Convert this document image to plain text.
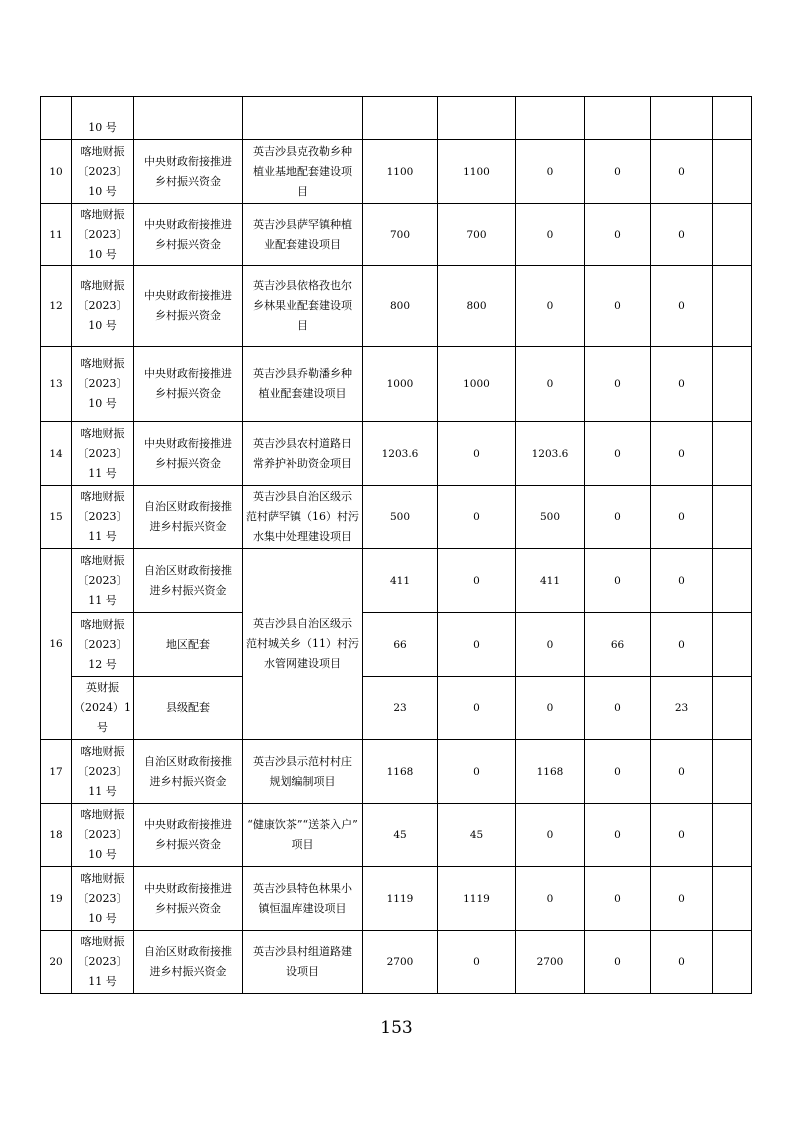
10 号								
10	喀地财振
〔2023〕
10 号	中央财政衔接推进
乡村振兴资金	英吉沙县克孜勒乡种
植业基地配套建设项
目	1100	1100	0	0	0	
11	喀地财振
〔2023〕
10 号	中央财政衔接推进
乡村振兴资金	英吉沙县萨罕镇种植
业配套建设项目	700	700	0	0	0	
12	喀地财振
〔2023〕
10 号	中央财政衔接推进
乡村振兴资金	英吉沙县依格孜也尔
乡林果业配套建设项
目	800	800	0	0	0	
13	喀地财振
〔2023〕
10 号	中央财政衔接推进
乡村振兴资金	英吉沙县乔勒潘乡种
植业配套建设项目	1000	1000	0	0	0	
14	喀地财振
〔2023〕
11 号	中央财政衔接推进
乡村振兴资金	英吉沙县农村道路日
常养护补助资金项目	1203.6	0	1203.6	0	0	
15	喀地财振
〔2023〕
11 号	自治区财政衔接推
进乡村振兴资金	英吉沙县自治区级示
范村萨罕镇（16）村污
水集中处理建设项目	500	0	500	0	0	
16	喀地财振
〔2023〕
11 号	自治区财政衔接推
进乡村振兴资金	英吉沙县自治区级示
范村城关乡（11）村污
水管网建设项目	411	0	411	0	0	
	喀地财振
〔2023〕
12 号	地区配套		66	0	0	66	0	
	英财振
（2024）1
号	县级配套		23	0	0	0	23	
17	喀地财振
〔2023〕
11 号	自治区财政衔接推
进乡村振兴资金	英吉沙县示范村村庄
规划编制项目	1168	0	1168	0	0	
18	喀地财振
〔2023〕
10 号	中央财政衔接推进
乡村振兴资金	“健康饮茶”“送茶入户”
项目	45	45	0	0	0	
19	喀地财振
〔2023〕
10 号	中央财政衔接推进
乡村振兴资金	英吉沙县特色林果小
镇恒温库建设项目	1119	1119	0	0	0	
20	喀地财振
〔2023〕
11 号	自治区财政衔接推
进乡村振兴资金	英吉沙县村组道路建
设项目	2700	0	2700	0	0	
153
